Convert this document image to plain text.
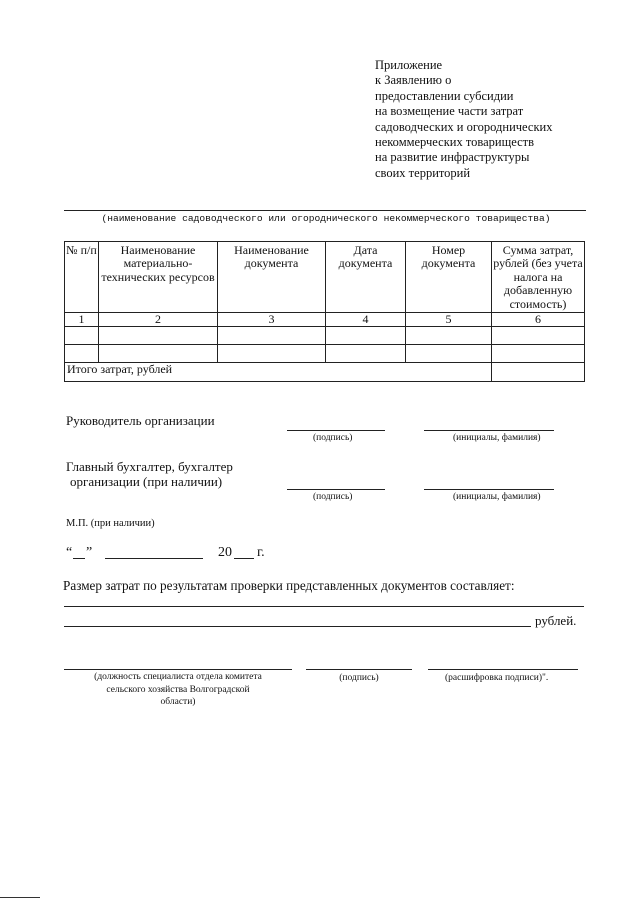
Приложение
к Заявлению о
предоставлении субсидии
на возмещение части затрат
садоводческих и огороднических
некоммерческих товариществ
на развитие инфраструктуры
своих территорий
(наименование садоводческого или огороднического некоммерческого товарищества)
№ п/п	Наименование материально-технических ресурсов	Наименование документа	Дата документа	Номер документа	Сумма затрат, рублей (без учета налога на добавленную стоимость)
1	2	3	4	5	6

Итого затрат, рублей					
Руководитель организации
(подпись)	(инициалы, фамилия)
Главный бухгалтер, бухгалтер
организации (при наличии)
(подпись)	(инициалы, фамилия)
М.П. (при наличии)
“ ”	20 г.
Размер затрат по результатам проверки представленных документов составляет:
рублей.
(должность специалиста отдела комитета
сельского хозяйства Волгоградской
области)
(подпись)	(расшифровка подписи)".
